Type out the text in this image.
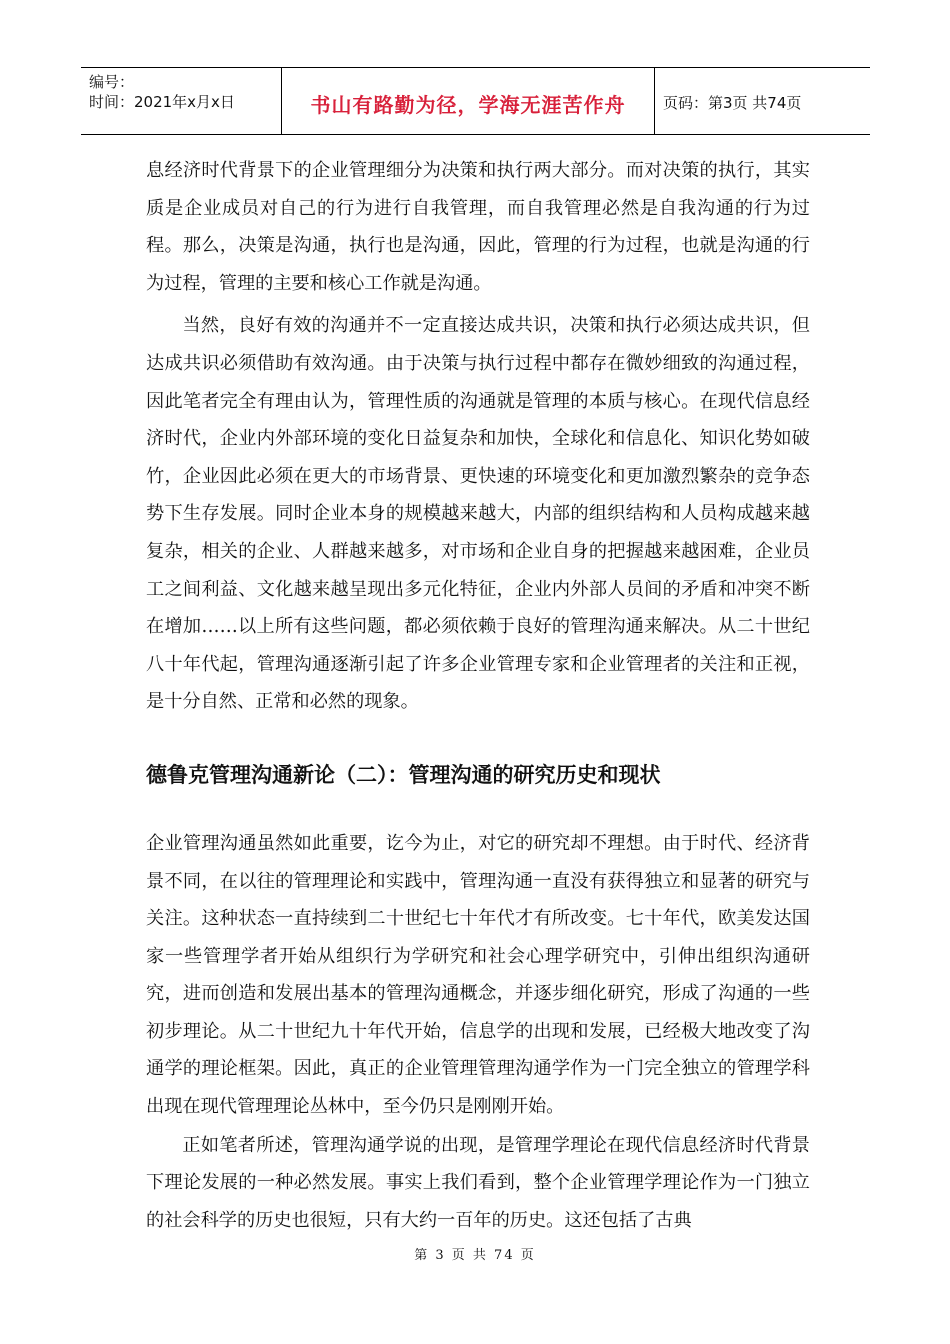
编号：
时间：2021年x月x日	书山有路勤为径，学海无涯苦作舟	页码：第3页 共74页

息经济时代背景下的企业管理细分为决策和执行两大部分。而对决策的执行，其实质是企业成员对自己的行为进行自我管理，而自我管理必然是自我沟通的行为过程。那么，决策是沟通，执行也是沟通，因此，管理的行为过程，也就是沟通的行为过程，管理的主要和核心工作就是沟通。

当然，良好有效的沟通并不一定直接达成共识，决策和执行必须达成共识，但达成共识必须借助有效沟通。由于决策与执行过程中都存在微妙细致的沟通过程，因此笔者完全有理由认为，管理性质的沟通就是管理的本质与核心。在现代信息经济时代，企业内外部环境的变化日益复杂和加快，全球化和信息化、知识化势如破竹，企业因此必须在更大的市场背景、更快速的环境变化和更加激烈繁杂的竞争态势下生存发展。同时企业本身的规模越来越大，内部的组织结构和人员构成越来越复杂，相关的企业、人群越来越多，对市场和企业自身的把握越来越困难，企业员工之间利益、文化越来越呈现出多元化特征，企业内外部人员间的矛盾和冲突不断在增加……以上所有这些问题，都必须依赖于良好的管理沟通来解决。从二十世纪八十年代起，管理沟通逐渐引起了许多企业管理专家和企业管理者的关注和正视，是十分自然、正常和必然的现象。

德鲁克管理沟通新论（二）：管理沟通的研究历史和现状

企业管理沟通虽然如此重要，讫今为止，对它的研究却不理想。由于时代、经济背景不同，在以往的管理理论和实践中，管理沟通一直没有获得独立和显著的研究与关注。这种状态一直持续到二十世纪七十年代才有所改变。七十年代，欧美发达国家一些管理学者开始从组织行为学研究和社会心理学研究中，引伸出组织沟通研究，进而创造和发展出基本的管理沟通概念，并逐步细化研究，形成了沟通的一些初步理论。从二十世纪九十年代开始，信息学的出现和发展，已经极大地改变了沟通学的理论框架。因此，真正的企业管理管理沟通学作为一门完全独立的管理学科出现在现代管理理论丛林中，至今仍只是刚刚开始。

正如笔者所述，管理沟通学说的出现，是管理学理论在现代信息经济时代背景下理论发展的一种必然发展。事实上我们看到，整个企业管理学理论作为一门独立的社会科学的历史也很短，只有大约一百年的历史。这还包括了古典

第 3 页 共 74 页
